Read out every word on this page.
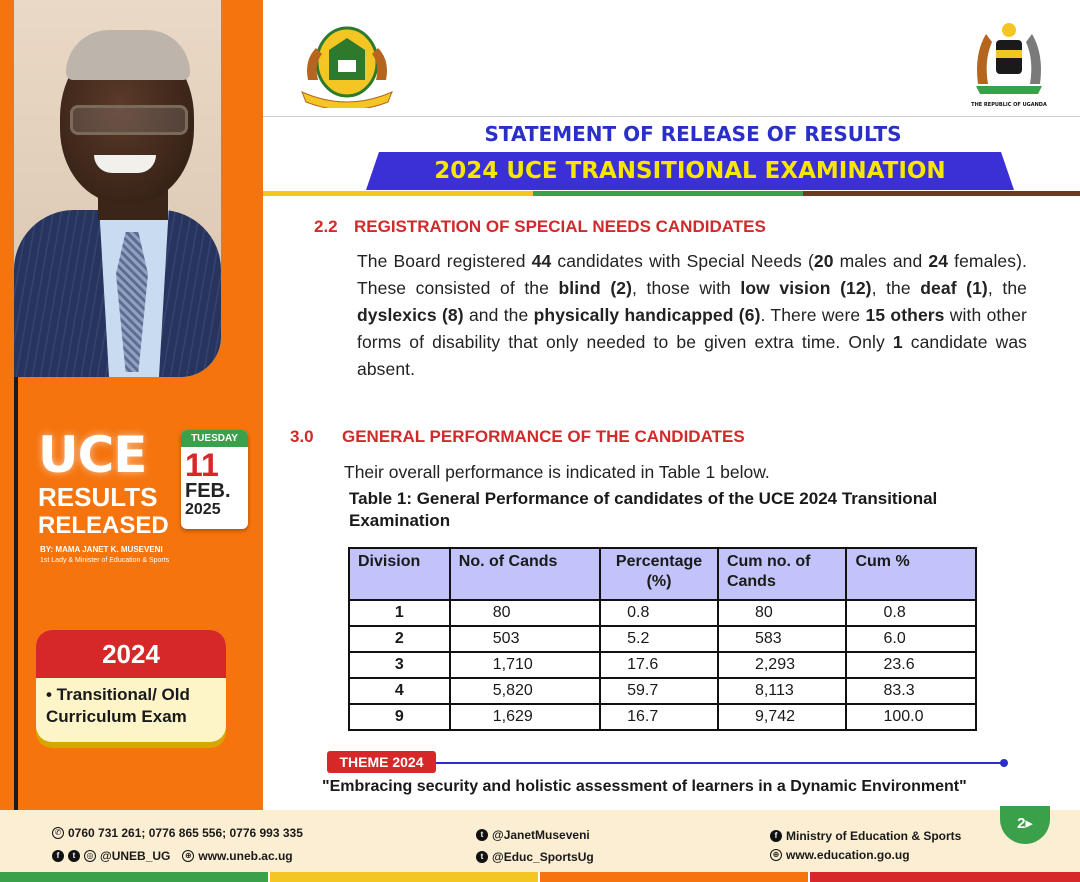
UCE
RESULTS
RELEASED
BY: MAMA JANET K. MUSEVENI
1st Lady & Minister of Education & Sports
TUESDAY
11
FEB.
2025
2024
• Transitional/ Old Curriculum Exam
THE REPUBLIC OF UGANDA
STATEMENT OF RELEASE OF RESULTS
2024 UCE TRANSITIONAL EXAMINATION
2.2 REGISTRATION OF SPECIAL NEEDS CANDIDATES
The Board registered 44 candidates with Special Needs (20 males and 24 females). These consisted of the blind (2), those with low vision (12), the deaf (1), the dyslexics (8) and the physically handicapped (6). There were 15 others with other forms of disability that only needed to be given extra time. Only 1 candidate was absent.
3.0 GENERAL PERFORMANCE OF THE CANDIDATES
Their overall performance is indicated in Table 1 below.
Table 1: General Performance of candidates of the UCE 2024 Transitional Examination
Division	No. of Cands	Percentage (%)	Cum no. of Cands	Cum %
1	80	0.8	80	0.8
2	503	5.2	583	6.0
3	1,710	17.6	2,293	23.6
4	5,820	59.7	8,113	83.3
9	1,629	16.7	9,742	100.0
THEME 2024
"Embracing security and holistic assessment of learners in a Dynamic Environment"
✆ 0760 731 261; 0776 865 556; 0776 993 335
f	t	◎ @UNEB_UG	⊕ www.uneb.ac.ug
t @JanetMuseveni
t @Educ_SportsUg
f Ministry of Education & Sports
⊕ www.education.go.ug
2▸
